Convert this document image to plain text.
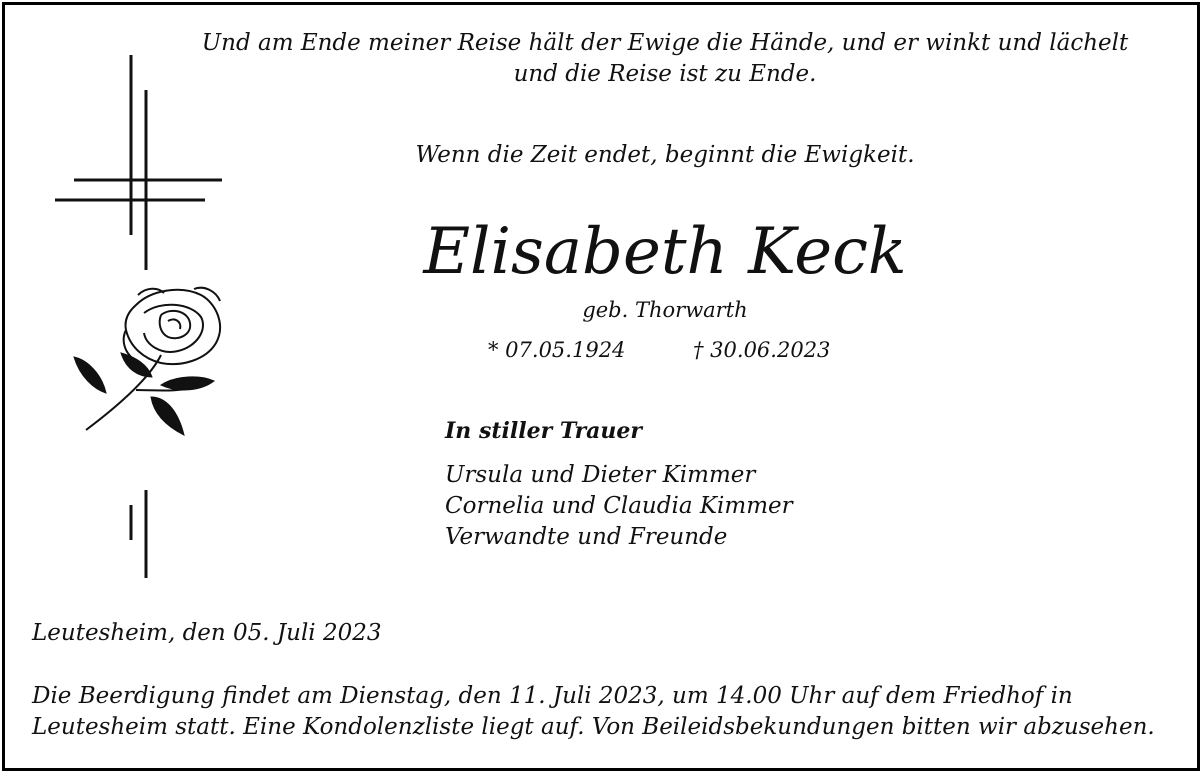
Und am Ende meiner Reise hält der Ewige die Hände, und er winkt und lächelt
und die Reise ist zu Ende.
Wenn die Zeit endet, beginnt die Ewigkeit.
Elisabeth Keck
geb. Thorwarth
* 07.05.1924	† 30.06.2023
In stiller Trauer
Ursula und Dieter Kimmer
Cornelia und Claudia Kimmer
Verwandte und Freunde
Leutesheim, den 05. Juli 2023
Die Beerdigung findet am Dienstag, den 11. Juli 2023, um 14.00 Uhr auf dem Friedhof in
Leutesheim statt. Eine Kondolenzliste liegt auf. Von Beileidsbekundungen bitten wir abzusehen.
